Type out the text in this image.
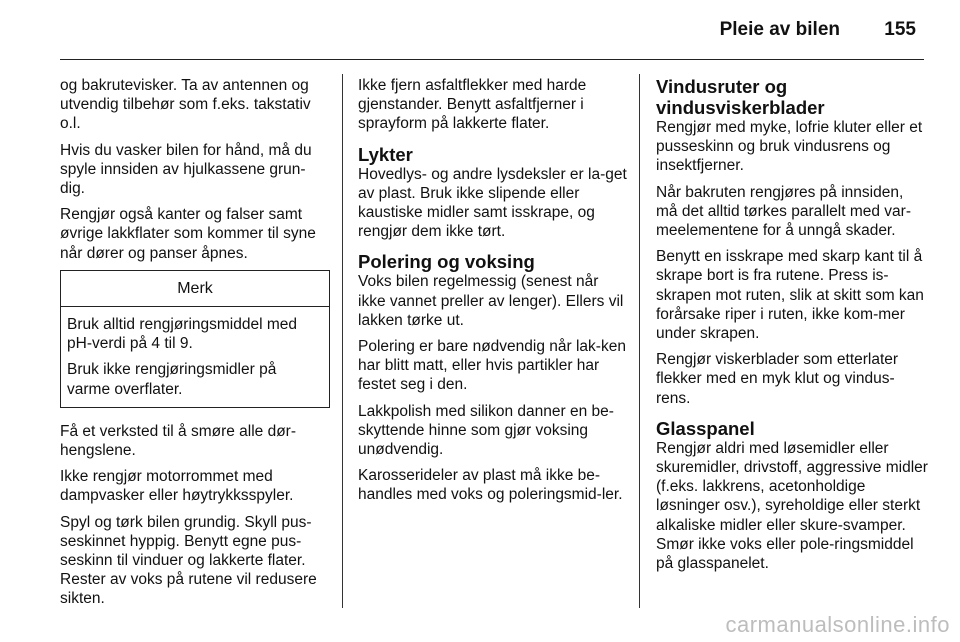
Pleie av bilen 155

og bakrutevisker. Ta av antennen og utvendig tilbehør som f.eks. takstativ o.l.

Hvis du vasker bilen for hånd, må du spyle innsiden av hjulkassene grun-dig.

Rengjør også kanter og falser samt øvrige lakkflater som kommer til syne når dører og panser åpnes.

Merk

Bruk alltid rengjøringsmiddel med pH-verdi på 4 til 9.

Bruk ikke rengjøringsmidler på varme overflater.

Få et verksted til å smøre alle dør-hengslene.

Ikke rengjør motorrommet med dampvasker eller høytrykksspyler.

Spyl og tørk bilen grundig. Skyll pus-seskinnet hyppig. Benytt egne pus-seskinn til vinduer og lakkerte flater. Rester av voks på rutene vil redusere sikten.

Ikke fjern asfaltflekker med harde gjenstander. Benytt asfaltfjerner i sprayform på lakkerte flater.

Lykter

Hovedlys- og andre lysdeksler er la-get av plast. Bruk ikke slipende eller kaustiske midler samt isskrape, og rengjør dem ikke tørt.

Polering og voksing

Voks bilen regelmessig (senest når ikke vannet preller av lenger). Ellers vil lakken tørke ut.

Polering er bare nødvendig når lak-ken har blitt matt, eller hvis partikler har festet seg i den.

Lakkpolish med silikon danner en be-skyttende hinne som gjør voksing unødvendig.

Karosserideler av plast må ikke be-handles med voks og poleringsmid-ler.

Vindusruter og vindusviskerblader

Rengjør med myke, lofrie kluter eller et pusseskinn og bruk vindusrens og insektfjerner.

Når bakruten rengjøres på innsiden, må det alltid tørkes parallelt med var-meelementene for å unngå skader.

Benytt en isskrape med skarp kant til å skrape bort is fra rutene. Press is-skrapen mot ruten, slik at skitt som kan forårsake riper i ruten, ikke kom-mer under skrapen.

Rengjør viskerblader som etterlater flekker med en myk klut og vindus-rens.

Glasspanel

Rengjør aldri med løsemidler eller skuremidler, drivstoff, aggressive midler (f.eks. lakkrens, acetonholdige løsninger osv.), syreholdige eller sterkt alkaliske midler eller skure-svamper. Smør ikke voks eller pole-ringsmiddel på glasspanelet.

carmanualsonline.info
